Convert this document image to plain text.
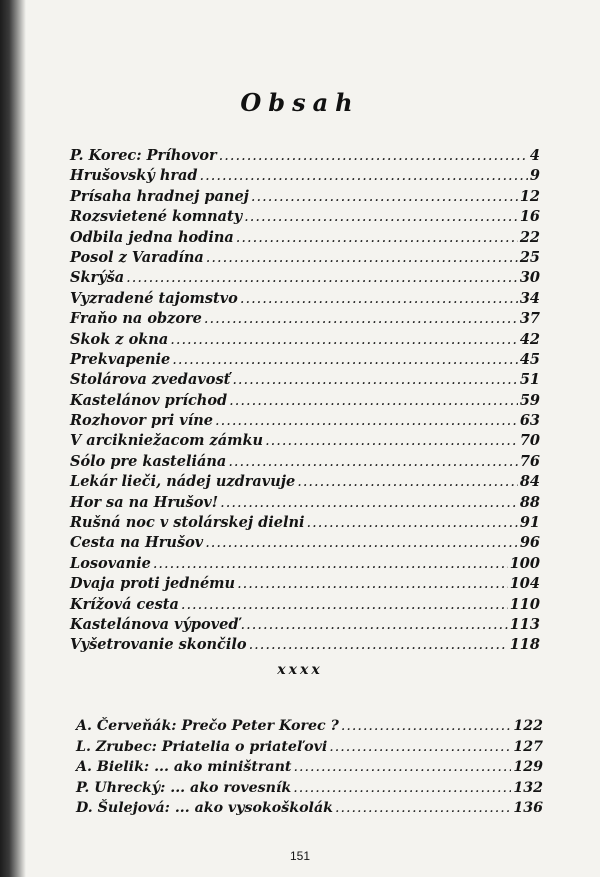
Obsah
P. Korec: Príhovor .....	4
Hrušovský hrad .....	9
Prísaha hradnej panej .....	12
Rozsvietené komnaty .....	16
Odbila jedna hodina .....	22
Posol z Varadína .....	25
Skrýša .....	30
Vyzradené tajomstvo .....	34
Fraňo na obzore .....	37
Skok z okna .....	42
Prekvapenie .....	45
Stolárova zvedavosť .....	51
Kastelánov príchod .....	59
Rozhovor pri víne .....	63
V arcikniežacom zámku .....	70
Sólo pre kasteliána .....	76
Lekár lieči, nádej uzdravuje .....	84
Hor sa na Hrušov! .....	88
Rušná noc v stolárskej dielni .....	91
Cesta na Hrušov .....	96
Losovanie .....	100
Dvaja proti jednému .....	104
Krížová cesta .....	110
Kastelánova výpoveď .....	113
Vyšetrovanie skončilo .....	118
xxxx
A. Červeňák: Prečo Peter Korec ? .....	122
L. Zrubec: Priatelia o priateľovi .....	127
A. Bielik: ... ako miništrant .....	129
P. Uhrecký: ... ako rovesník .....	132
D. Šulejová: ... ako vysokoškolák .....	136
151
